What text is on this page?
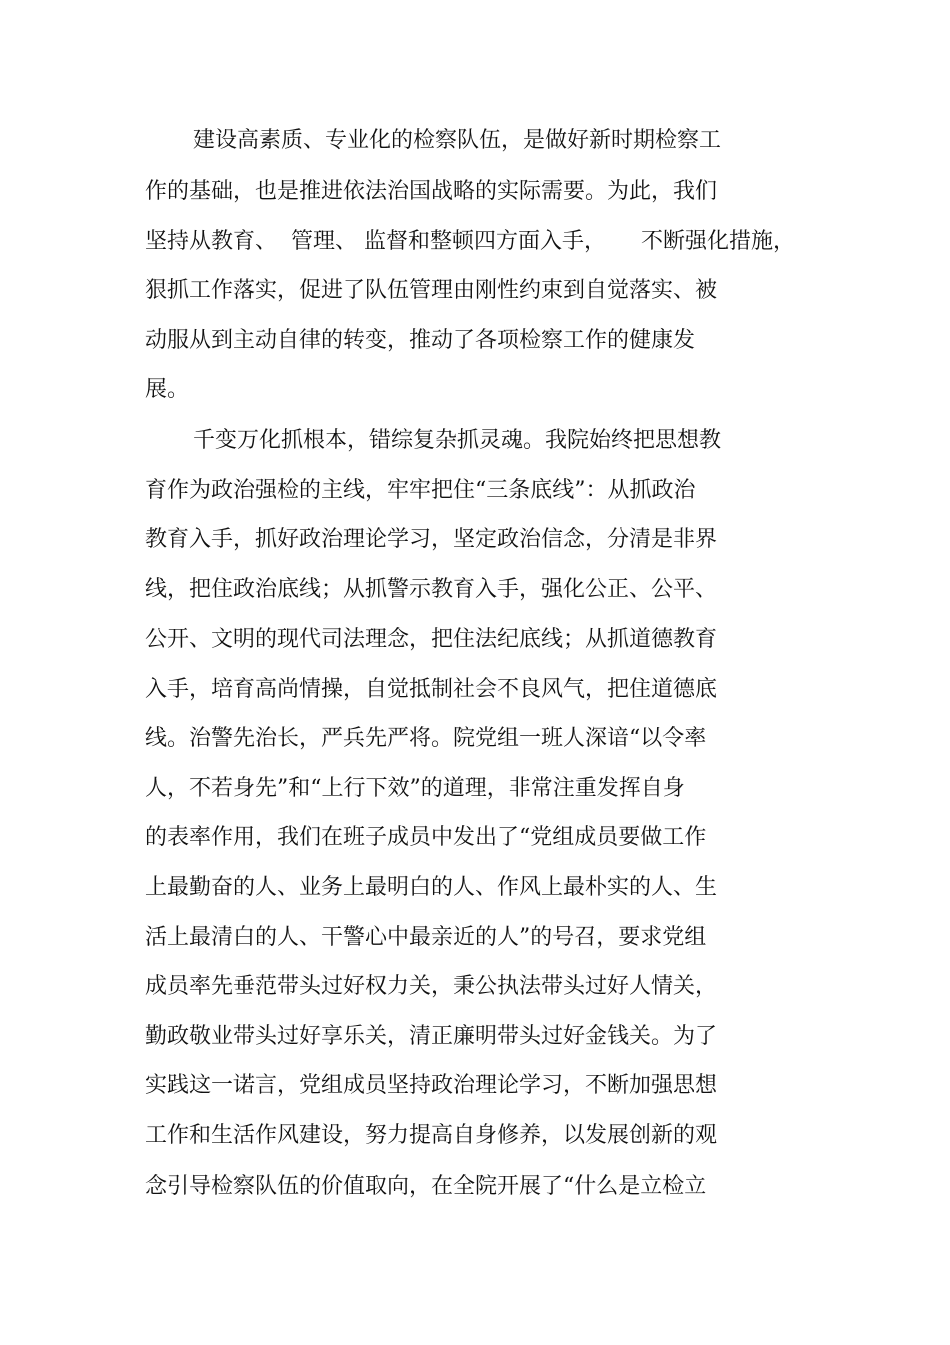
建设高素质、专业化的检察队伍，是做好新时期检察工
作的基础，也是推进依法治国战略的实际需要。为此，我们
坚持从教育、  管理、 监督和整顿四方面入手，     不断强化措施，
狠抓工作落实，促进了队伍管理由刚性约束到自觉落实、被
动服从到主动自律的转变，推动了各项检察工作的健康发
展。
千变万化抓根本，错综复杂抓灵魂。我院始终把思想教
育作为政治强检的主线，牢牢把住“三条底线”：从抓政治
教育入手，抓好政治理论学习，坚定政治信念，分清是非界
线，把住政治底线；从抓警示教育入手，强化公正、公平、
公开、文明的现代司法理念，把住法纪底线；从抓道德教育
入手，培育高尚情操，自觉抵制社会不良风气，把住道德底
线。治警先治长，严兵先严将。院党组一班人深谙“以令率
人，不若身先”和“上行下效”的道理，非常注重发挥自身
的表率作用，我们在班子成员中发出了“党组成员要做工作
上最勤奋的人、业务上最明白的人、作风上最朴实的人、生
活上最清白的人、干警心中最亲近的人”的号召，要求党组
成员率先垂范带头过好权力关，秉公执法带头过好人情关，
勤政敬业带头过好享乐关，清正廉明带头过好金钱关。为了
实践这一诺言，党组成员坚持政治理论学习，不断加强思想
工作和生活作风建设，努力提高自身修养，以发展创新的观
念引导检察队伍的价值取向，在全院开展了“什么是立检立
